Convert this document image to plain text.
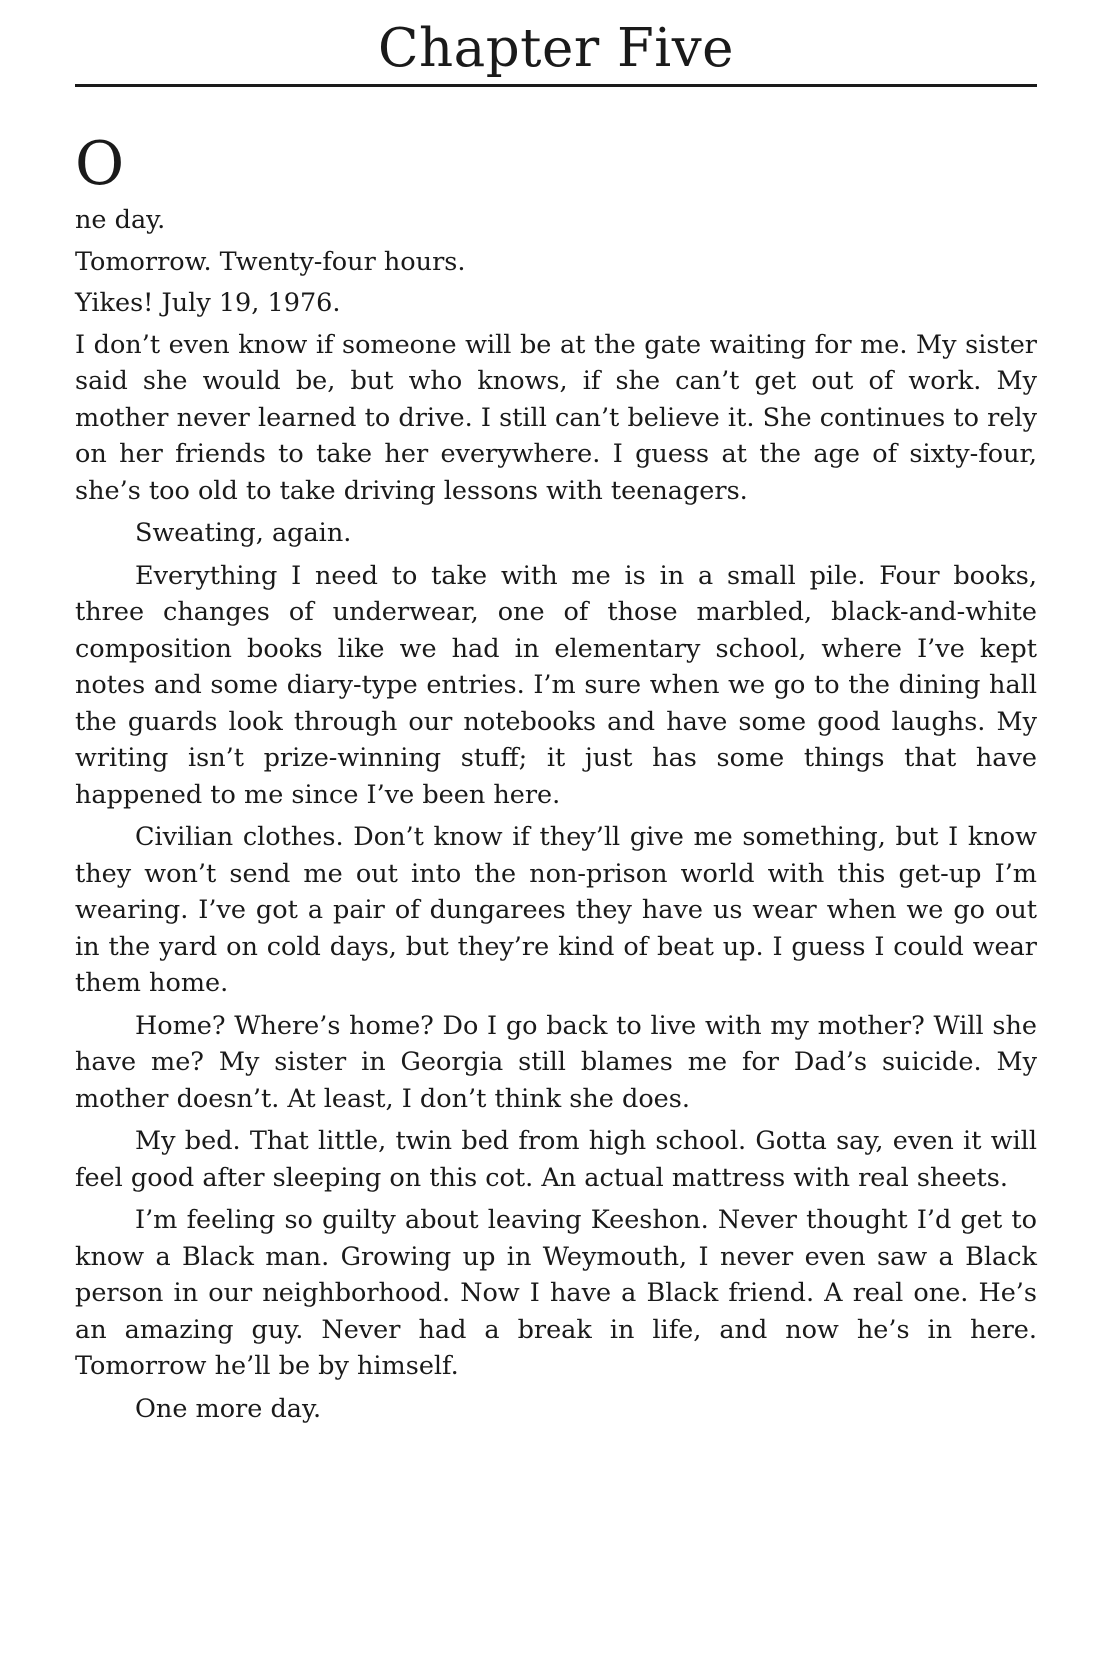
Chapter Five
O

ne day.

Tomorrow. Twenty-four hours.

Yikes! July 19, 1976.

I don’t even know if someone will be at the gate waiting for me. My sister said she would be, but who knows, if she can’t get out of work. My mother never learned to drive. I still can’t believe it. She continues to rely on her friends to take her everywhere. I guess at the age of sixty-four, she’s too old to take driving lessons with teenagers.

Sweating, again.

Everything I need to take with me is in a small pile. Four books, three changes of underwear, one of those marbled, black-and-white composition books like we had in elementary school, where I’ve kept notes and some diary-type entries. I’m sure when we go to the dining hall the guards look through our notebooks and have some good laughs. My writing isn’t prize-winning stuff; it just has some things that have happened to me since I’ve been here.

Civilian clothes. Don’t know if they’ll give me something, but I know they won’t send me out into the non-prison world with this get-up I’m wearing. I’ve got a pair of dungarees they have us wear when we go out in the yard on cold days, but they’re kind of beat up. I guess I could wear them home.

Home? Where’s home? Do I go back to live with my mother? Will she have me? My sister in Georgia still blames me for Dad’s suicide. My mother doesn’t. At least, I don’t think she does.

My bed. That little, twin bed from high school. Gotta say, even it will feel good after sleeping on this cot. An actual mattress with real sheets.

I’m feeling so guilty about leaving Keeshon. Never thought I’d get to know a Black man. Growing up in Weymouth, I never even saw a Black person in our neighborhood. Now I have a Black friend. A real one. He’s an amazing guy. Never had a break in life, and now he’s in here. Tomorrow he’ll be by himself.

One more day.
